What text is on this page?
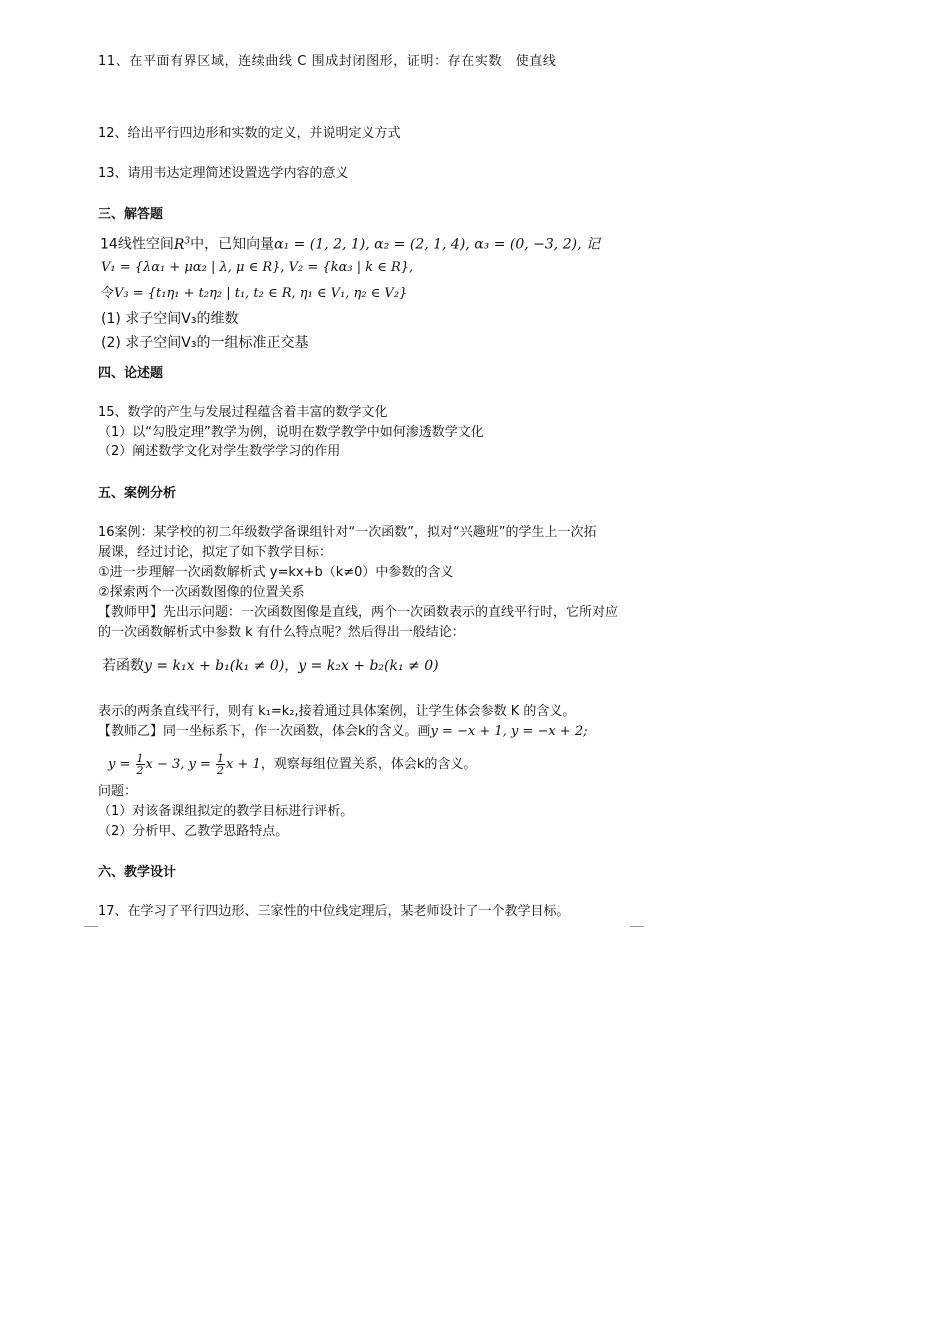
11、在平面有界区域，连续曲线 C 围成封闭图形，证明：存在实数　使直线
12、给出平行四边形和实数的定义，并说明定义方式
13、请用韦达定理简述设置选学内容的意义
三、解答题
14线性空间$R^3$中，已知向量α₁ = (1, 2, 1), α₂ = (2, 1, 4), α₃ = (0, −3, 2), 记
V₁ = {λα₁ + μα₂ | λ, μ ∈ R}, V₂ = {kα₃ | k ∈ R},
令V₃ = {t₁η₁ + t₂η₂ | t₁, t₂ ∈ R, η₁ ∈ V₁, η₂ ∈ V₂}
(1) 求子空间V₃的维数
(2) 求子空间V₃的一组标准正交基
四、论述题
15、数学的产生与发展过程蕴含着丰富的数学文化
（1）以“勾股定理”教学为例，说明在数学教学中如何渗透数学文化
（2）阐述数学文化对学生数学学习的作用
五、案例分析
16案例：某学校的初二年级数学备课组针对“一次函数”，拟对“兴趣班”的学生上一次拓
展课，经过讨论，拟定了如下教学目标：
①进一步理解一次函数解析式 y=kx+b（k≠0）中参数的含义
②探索两个一次函数图像的位置关系
【教师甲】先出示问题：一次函数图像是直线，两个一次函数表示的直线平行时，它所对应
的一次函数解析式中参数 k 有什么特点呢？然后得出一般结论：
若函数y = k₁x + b₁(k₁ ≠ 0)，y = k₂x + b₂(k₁ ≠ 0)
表示的两条直线平行，则有 k₁=k₂,接着通过具体案例，让学生体会参数 K 的含义。
【教师乙】同一坐标系下，作一次函数，体会k的含义。画y = −x + 1, y = −x + 2;
$y = \frac{1}{2}$ x − 3, $y = \frac{1}{2}$ x + 1，观察每组位置关系，体会k的含义。
问题：
（1）对该备课组拟定的教学目标进行评析。
（2）分析甲、乙教学思路特点。
六、教学设计
17、在学习了平行四边形、三家性的中位线定理后，某老师设计了一个教学目标。
